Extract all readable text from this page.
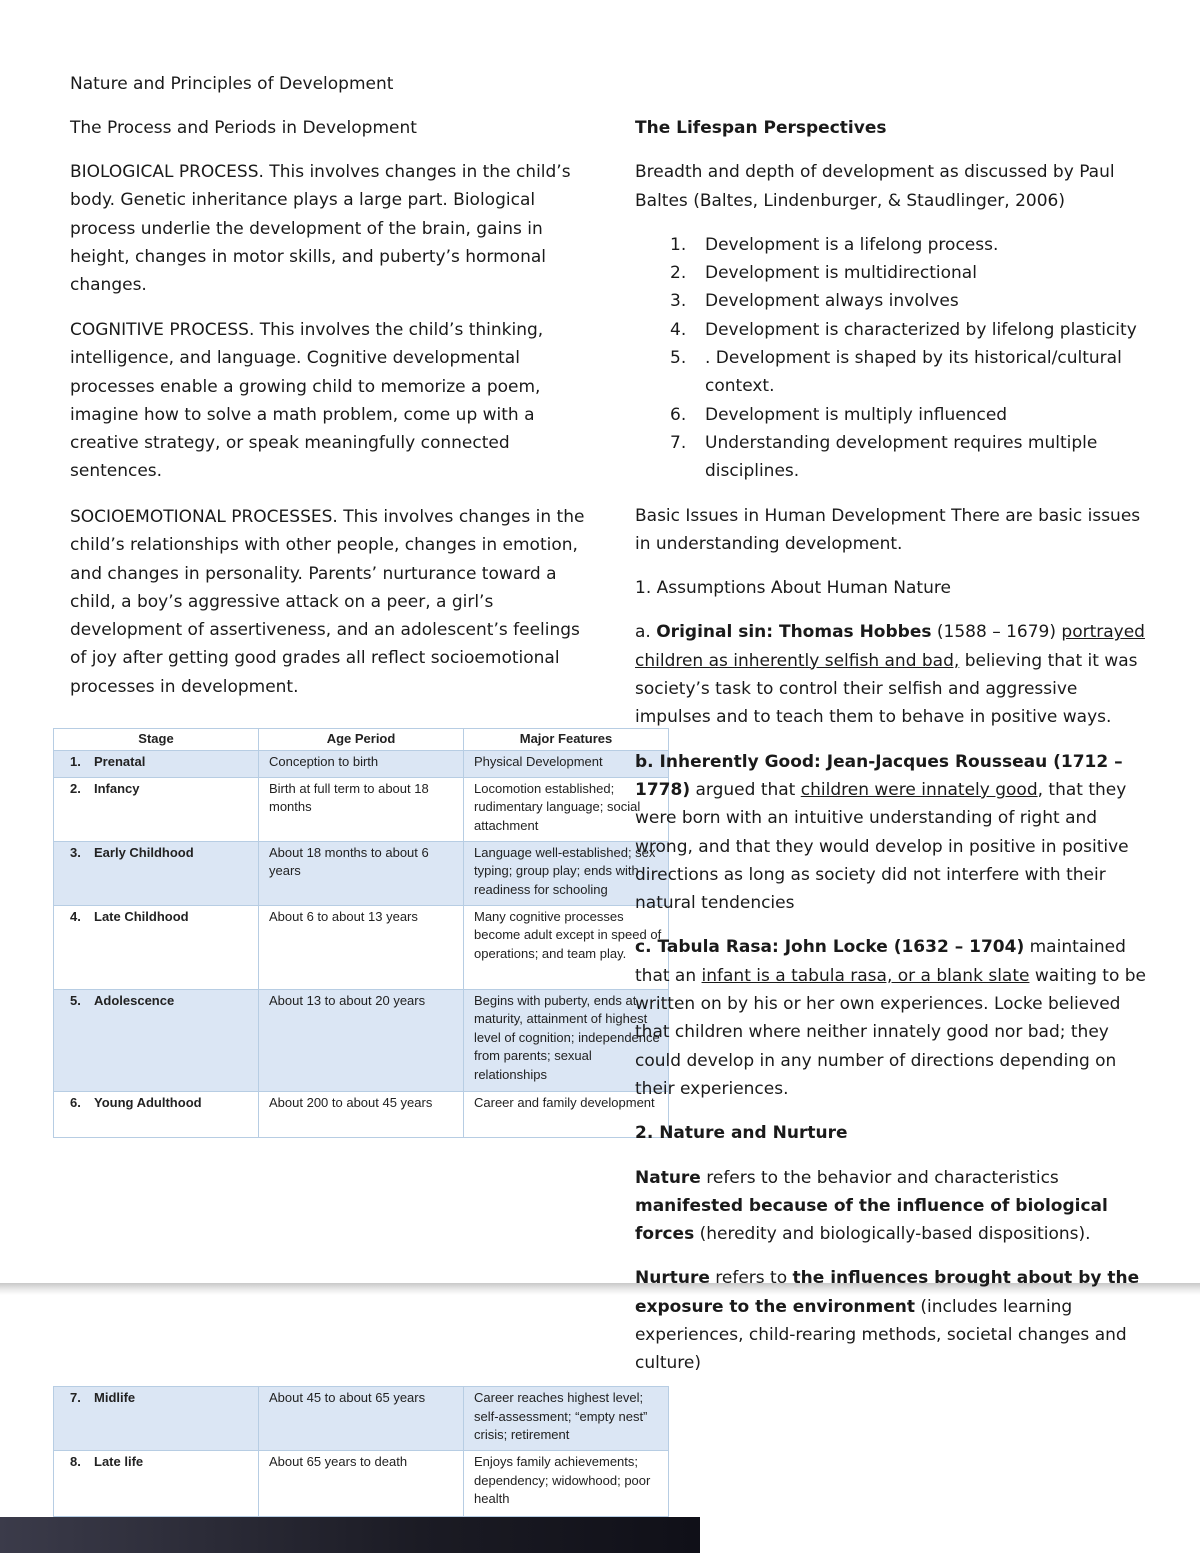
Nature and Principles of Development
The Process and Periods in Development
BIOLOGICAL PROCESS. This involves changes in the child’s body. Genetic inheritance plays a large part. Biological process underlie the development of the brain, gains in height, changes in motor skills, and puberty’s hormonal changes.
COGNITIVE PROCESS. This involves the child’s thinking, intelligence, and language. Cognitive developmental processes enable a growing child to memorize a poem, imagine how to solve a math problem, come up with a creative strategy, or speak meaningfully connected sentences.
SOCIOEMOTIONAL PROCESSES. This involves changes in the child’s relationships with other people, changes in emotion, and changes in personality. Parents’ nurturance toward a child, a boy’s aggressive attack on a peer, a girl’s development of assertiveness, and an adolescent’s feelings of joy after getting good grades all reflect socioemotional processes in development.
Stage	Age Period	Major Features
1. Prenatal	Conception to birth	Physical Development
2. Infancy	Birth at full term to about 18 months	Locomotion established; rudimentary language; social attachment
3. Early Childhood	About 18 months to about 6 years	Language well-established; sex typing; group play; ends with readiness for schooling
4. Late Childhood	About 6 to about 13 years	Many cognitive processes become adult except in speed of operations; and team play.
5. Adolescence	About 13 to about 20 years	Begins with puberty, ends at maturity, attainment of highest level of cognition; independence from parents; sexual relationships
6. Young Adulthood	About 200 to about 45 years	Career and family development
7. Midlife	About 45 to about 65 years	Career reaches highest level; self-assessment; “empty nest” crisis; retirement
8. Late life	About 65 years to death	Enjoys family achievements; dependency; widowhood; poor health

The Lifespan Perspectives

Breadth and depth of development as discussed by Paul Baltes (Baltes, Lindenburger, & Staudlinger, 2006)

1. Development is a lifelong process.
2. Development is multidirectional
3. Development always involves
4. Development is characterized by lifelong plasticity
5. . Development is shaped by its historical/cultural context.
6. Development is multiply influenced
7. Understanding development requires multiple disciplines.

Basic Issues in Human Development There are basic issues in understanding development.

1. Assumptions About Human Nature

a. Original sin: Thomas Hobbes (1588 – 1679) portrayed children as inherently selfish and bad, believing that it was society’s task to control their selfish and aggressive impulses and to teach them to behave in positive ways.

b. Inherently Good: Jean-Jacques Rousseau (1712 – 1778) argued that children were innately good, that they were born with an intuitive understanding of right and wrong, and that they would develop in positive in positive directions as long as society did not interfere with their natural tendencies

c. Tabula Rasa: John Locke (1632 – 1704) maintained that an infant is a tabula rasa, or a blank slate waiting to be written on by his or her own experiences. Locke believed that children where neither innately good nor bad; they could develop in any number of directions depending on their experiences.

2. Nature and Nurture

Nature refers to the behavior and characteristics manifested because of the influence of biological forces (heredity and biologically-based dispositions).

Nurture refers to the influences brought about by the exposure to the environment (includes learning experiences, child-rearing methods, societal changes and culture)
